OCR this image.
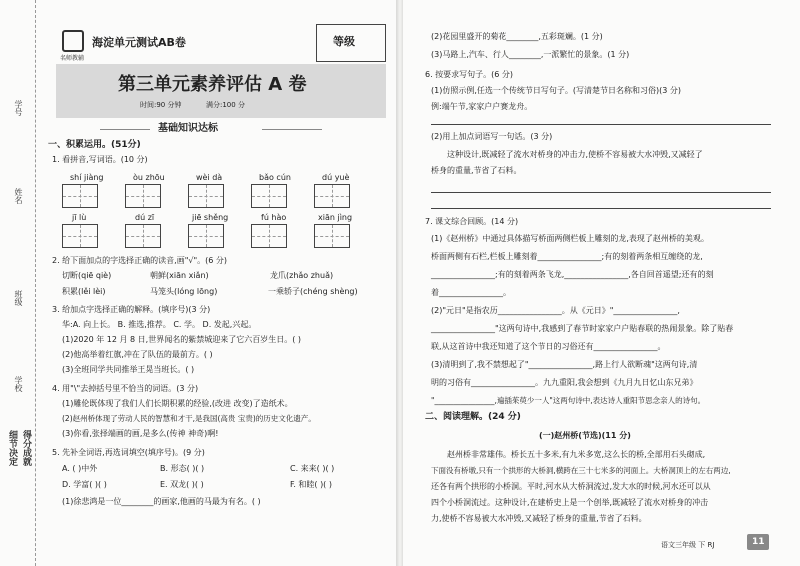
学号
姓名
班级
学校
细节决定 得分成就
名师教辅
海淀单元测试AB卷	等级
第三单元素养评估 A 卷
时间:90 分钟	满分:100 分
基础知识达标
一、积累运用。(51分)
1. 看拼音,写词语。(10 分)
shí jiàng	òu zhōu	wèi dà	bǎo cún	dú yuè
jī lù	dú zī	jiē shěng	fú hào	xiān jìng
2. 给下面加点的字选择正确的读音,画"√"。(6 分)
切断(qiē qiè)	朝鲜(xiān xiǎn)	龙爪(zhǎo zhuǎ)
积累(lěi lèi)	马笼头(lóng lōng)	一乘轿子(chéng shèng)
3. 给加点字选择正确的解释。(填序号)(3 分)
华:A. 向上长。 B. 推选,推荐。 C. 学。 D. 发起,兴起。
(1)2020 年 12 月 8 日,世界闻名的紫禁城迎来了它六百岁生日。( )
(2)他高举着红旗,冲在了队伍的最前方。( )
(3)全班同学共同推举王晃当班长。( )
4. 用"\"去掉括号里不恰当的词语。(3 分)
(1)雕伦既体现了我们人们长期积累的经验,(改进 改变)了造纸术。
(2)赵州桥体现了劳动人民的智慧和才干,是我国(高贵 宝贵)的历史文化遗产。
(3)你看,张择端画的画,是多么(传神 神奇)啊!
5. 先补全词语,再选词填空(填序号)。(9 分)
A. ( )中外	B. 形态( )( )	C. 来来( )( )
D. 学富( )( )	E. 双龙( )( )	F. 和睦( )( )
(1)徐悲鸿是一位________的画家,他画的马最为有名。( )
(2)花园里盛开的菊花________,五彩斑斓。(1 分)
(3)马路上,汽车、行人________,一派繁忙的景象。(1 分)
6. 按要求写句子。(6 分)
(1)仿照示例,任选一个传统节日写句子。(写清楚节日名称和习俗)(3 分)
例:端午节,家家户户赛龙舟。
(2)用上加点词语写一句话。(3 分)
这种设计,既减轻了流水对桥身的冲击力,使桥不容易被大水冲毁,又减轻了
桥身的重量,节省了石料。
7. 课文综合回顾。(14 分)
(1)《赵州桥》中通过具体描写桥面两侧栏板上雕刻的龙,表现了赵州桥的美观。
桥面两侧有石栏,栏板上雕刻着________________;有的刻着两条相互缠绕的龙,
________________;有的刻着两条飞龙,________________,各自回首遥望;还有的刻
着________________。
(2)"元日"是指农历________________。从《元日》"________________,
________________"这两句诗中,我感到了春节时家家户户贴春联的热闹景象。除了贴春
联,从这首诗中我还知道了这个节日的习俗还有________________。
(3)清明到了,我不禁想起了"________________,路上行人欲断魂"这两句诗,清
明的习俗有________________。九九重阳,我会想到《九月九日忆山东兄弟》
"________________,遍插茱萸少一人"这两句诗中,表达诗人重阳节思念亲人的诗句。
二、阅读理解。(24 分)
(一)赵州桥(节选)(11 分)
赵州桥非常雄伟。桥长五十多米,有九米多宽,这么长的桥,全部用石头砌成,
下面没有桥墩,只有一个拱形的大桥洞,横跨在三十七米多的河面上。大桥洞顶上的左右两边,
还各有两个拱形的小桥洞。平时,河水从大桥洞流过,发大水的时候,河水还可以从
四个小桥洞流过。这种设计,在建桥史上是一个创举,既减轻了流水对桥身的冲击
力,使桥不容易被大水冲毁,又减轻了桥身的重量,节省了石料。
语文三年级 下 RJ	11
